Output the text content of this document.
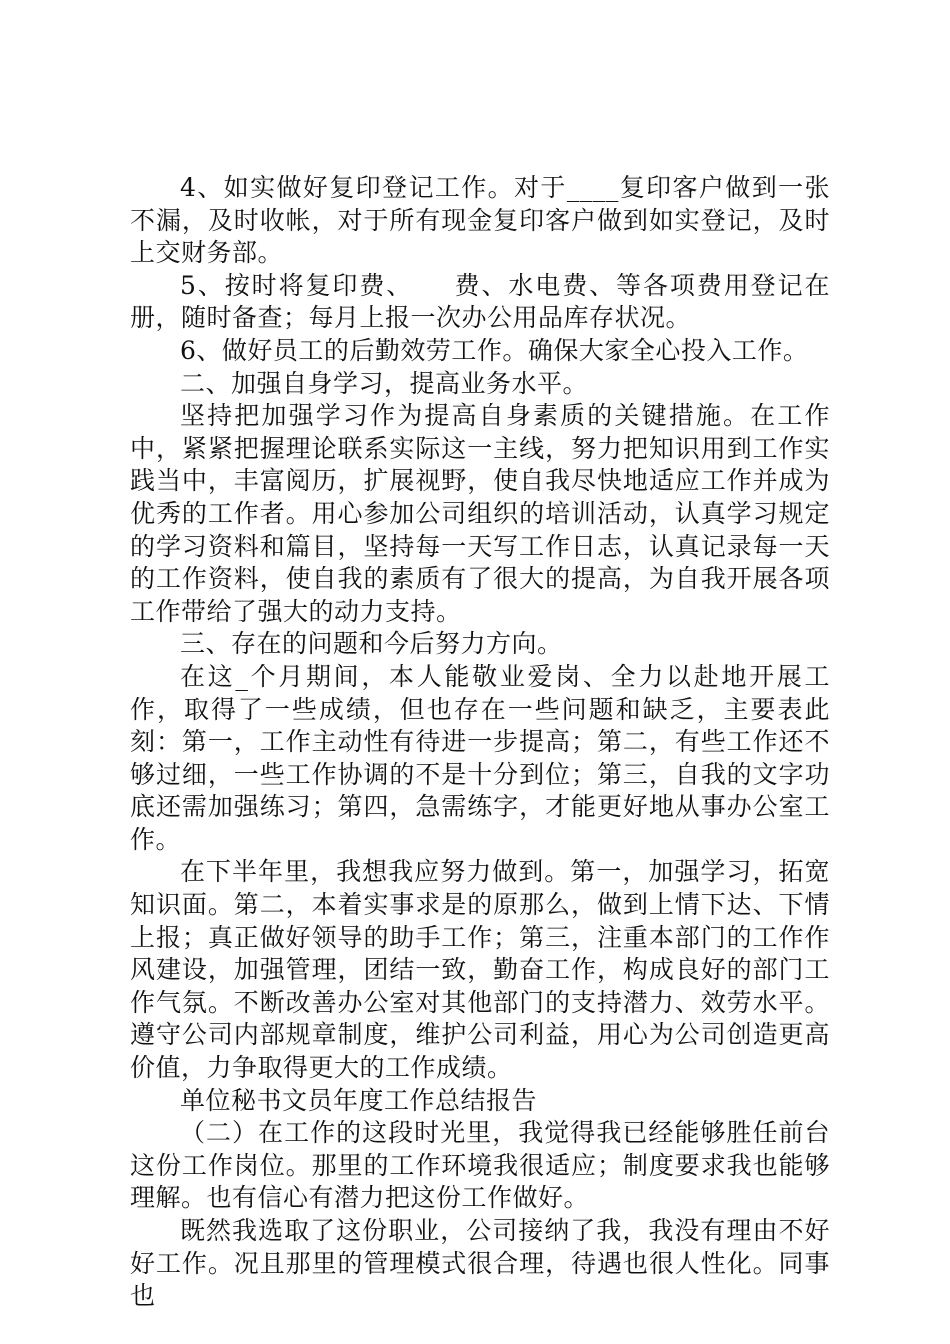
4、如实做好复印登记工作。对于____复印客户做到一张不漏，及时收帐，对于所有现金复印客户做到如实登记，及时上交财务部。

5、按时将复印费、　　费、水电费、等各项费用登记在册，随时备查；每月上报一次办公用品库存状况。

6、做好员工的后勤效劳工作。确保大家全心投入工作。

二、加强自身学习，提高业务水平。

坚持把加强学习作为提高自身素质的关键措施。在工作中，紧紧把握理论联系实际这一主线，努力把知识用到工作实践当中，丰富阅历，扩展视野，使自我尽快地适应工作并成为优秀的工作者。用心参加公司组织的培训活动，认真学习规定的学习资料和篇目，坚持每一天写工作日志，认真记录每一天的工作资料，使自我的素质有了很大的提高，为自我开展各项工作带给了强大的动力支持。

三、存在的问题和今后努力方向。

在这_个月期间，本人能敬业爱岗、全力以赴地开展工作，取得了一些成绩，但也存在一些问题和缺乏，主要表此刻：第一，工作主动性有待进一步提高；第二，有些工作还不够过细，一些工作协调的不是十分到位；第三，自我的文字功底还需加强练习；第四，急需练字，才能更好地从事办公室工作。

在下半年里，我想我应努力做到。第一，加强学习，拓宽知识面。第二，本着实事求是的原那么，做到上情下达、下情上报；真正做好领导的助手工作；第三，注重本部门的工作作风建设，加强管理，团结一致，勤奋工作，构成良好的部门工作气氛。不断改善办公室对其他部门的支持潜力、效劳水平。遵守公司内部规章制度，维护公司利益，用心为公司创造更高价值，力争取得更大的工作成绩。

单位秘书文员年度工作总结报告

（二）在工作的这段时光里，我觉得我已经能够胜任前台这份工作岗位。那里的工作环境我很适应；制度要求我也能够理解。也有信心有潜力把这份工作做好。

既然我选取了这份职业，公司接纳了我，我没有理由不好好工作。况且那里的管理模式很合理，待遇也很人性化。同事也
